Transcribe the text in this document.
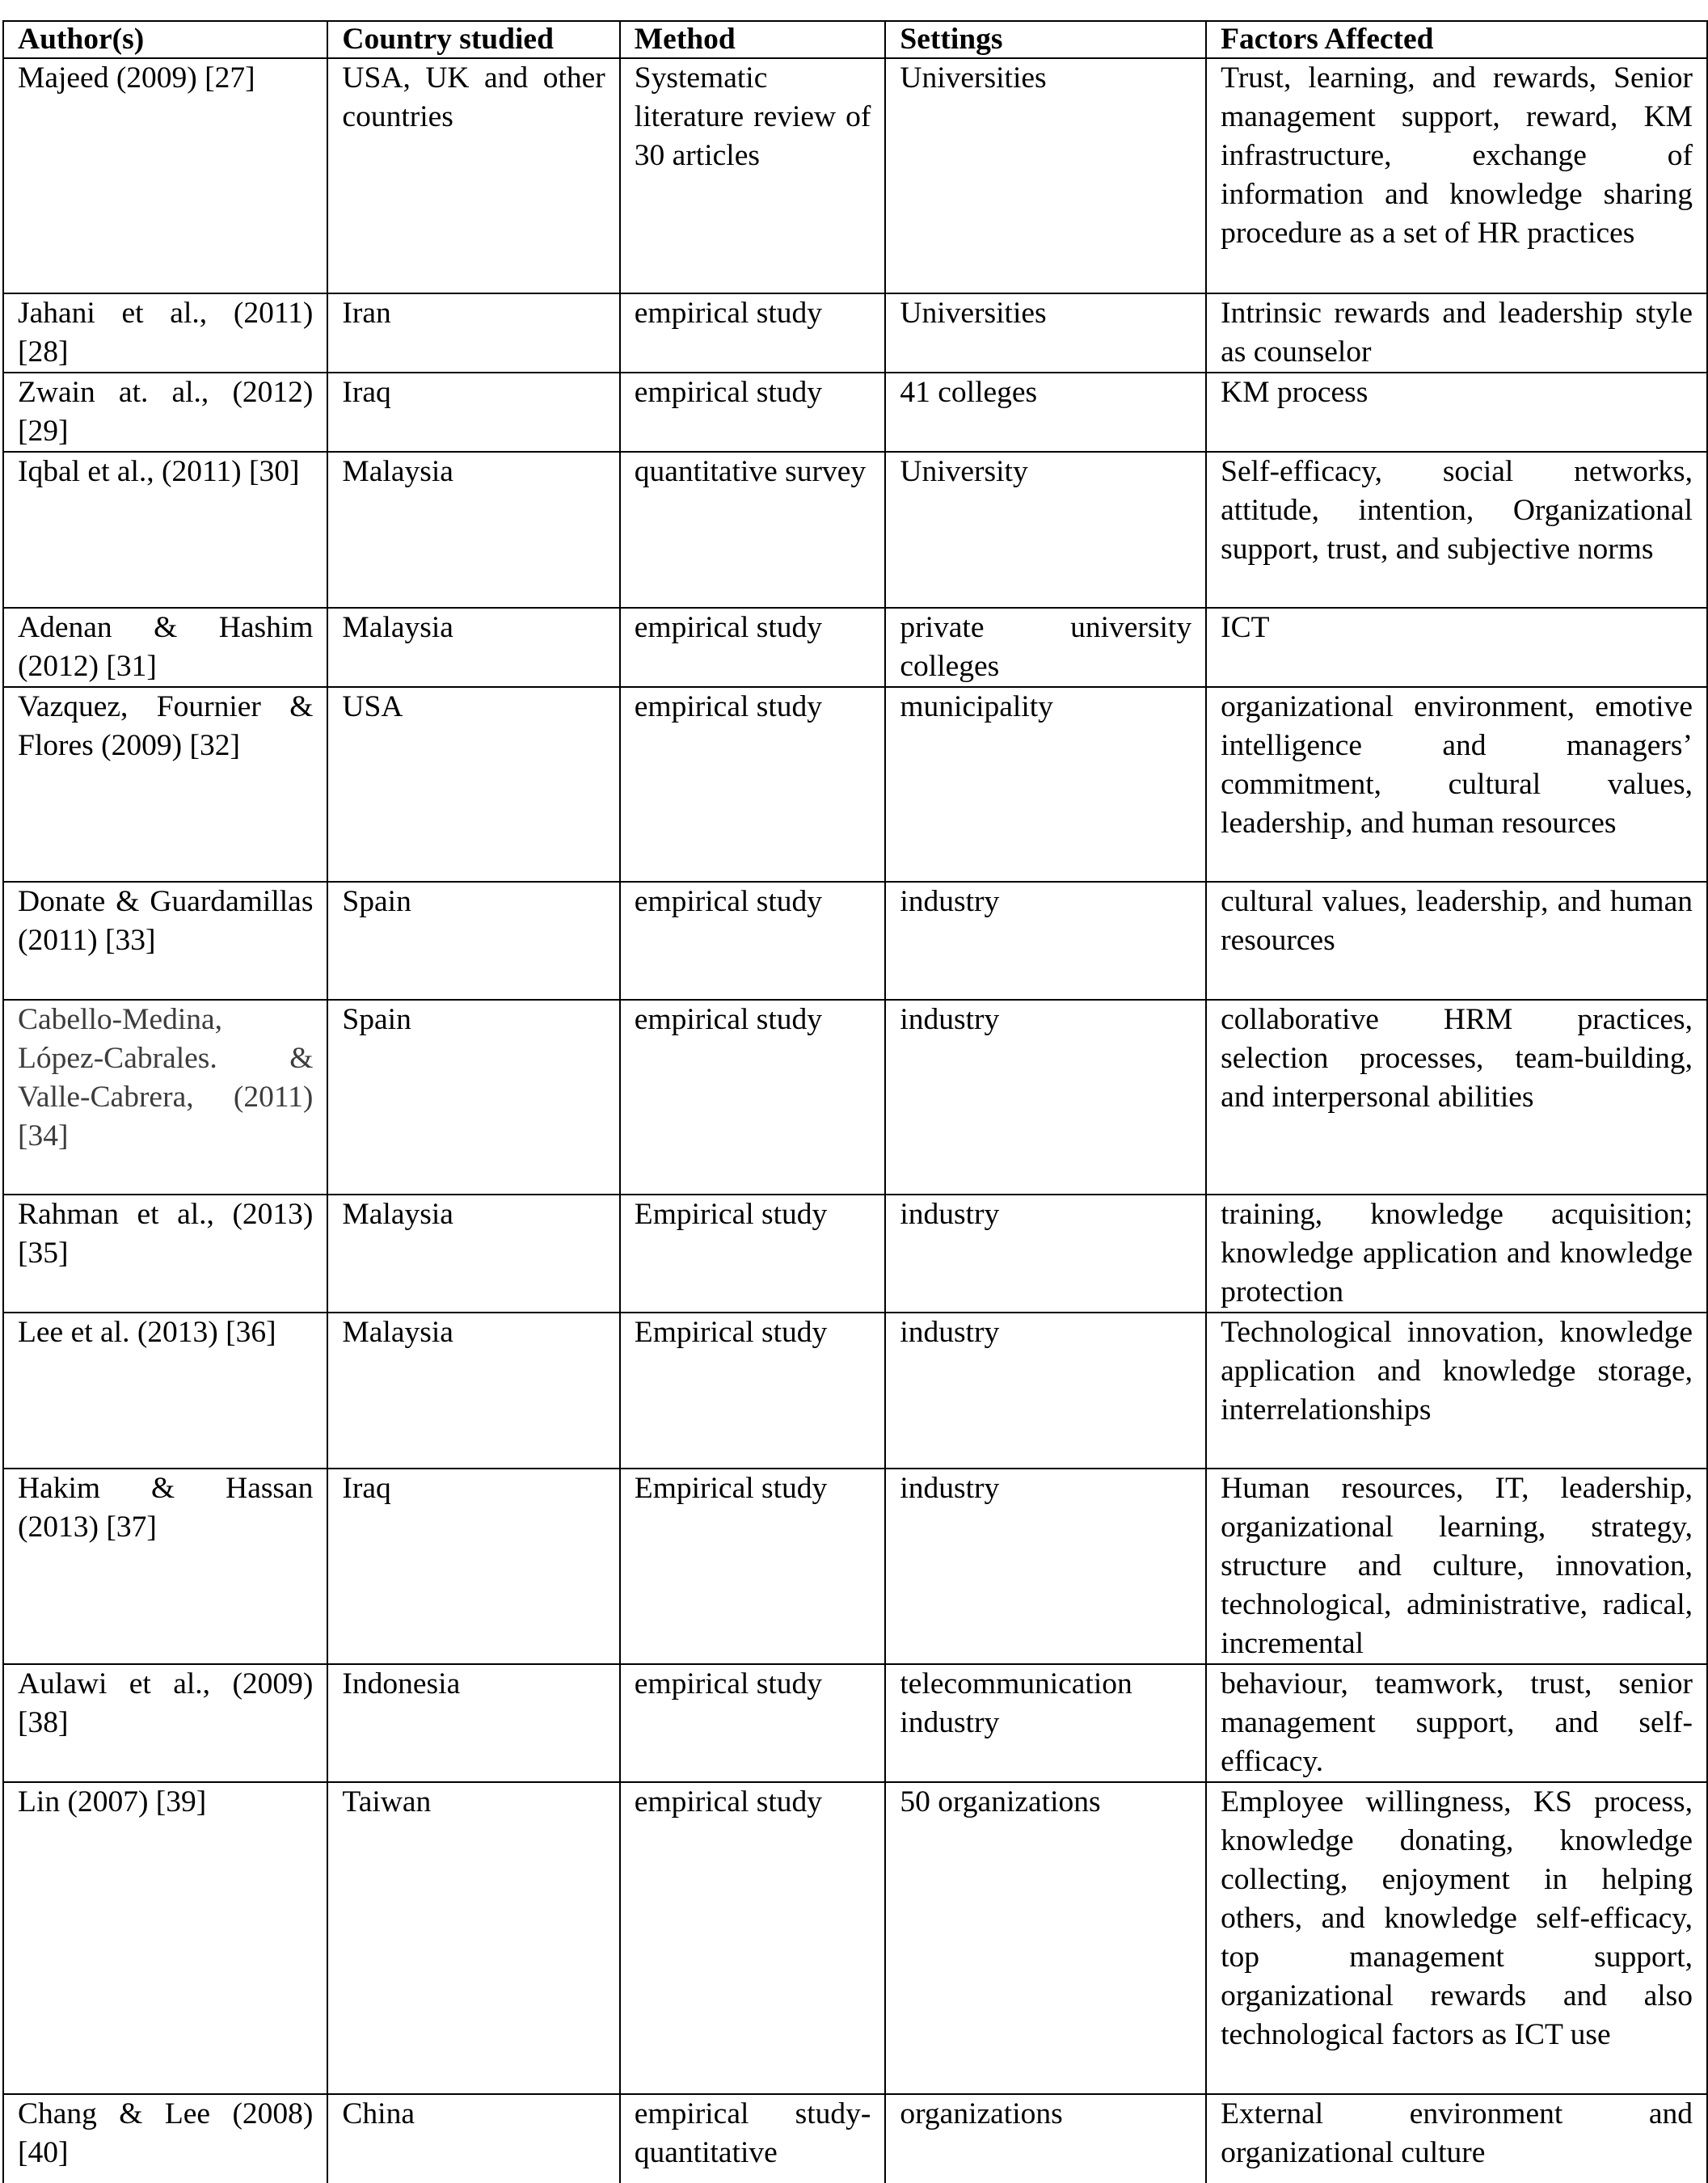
Author(s)	Country studied	Method	Settings	Factors Affected
Majeed (2009) [27]	USA, UK and other countries	Systematic literature review of 30 articles	Universities	Trust, learning, and rewards, Senior management support, reward, KM infrastructure, exchange of information and knowledge sharing procedure as a set of HR practices
Jahani et al., (2011) [28]	Iran	empirical study	Universities	Intrinsic rewards and leadership style as counselor
Zwain at. al., (2012) [29]	Iraq	empirical study	41 colleges	KM process
Iqbal et al., (2011) [30]	Malaysia	quantitative survey	University	Self-efficacy, social networks, attitude, intention, Organizational support, trust, and subjective norms
Adenan & Hashim (2012) [31]	Malaysia	empirical study	private university colleges	ICT
Vazquez, Fournier & Flores (2009) [32]	USA	empirical study	municipality	organizational environment, emotive intelligence and managers’ commitment, cultural values, leadership, and human resources
Donate & Guardamillas (2011) [33]	Spain	empirical study	industry	cultural values, leadership, and human resources
Cabello-Medina, López-Cabrales. & Valle-Cabrera, (2011) [34]	Spain	empirical study	industry	collaborative HRM practices, selection processes, team-building, and interpersonal abilities
Rahman et al., (2013) [35]	Malaysia	Empirical study	industry	training, knowledge acquisition; knowledge application and knowledge protection
Lee et al. (2013) [36]	Malaysia	Empirical study	industry	Technological innovation, knowledge application and knowledge storage, interrelationships
Hakim & Hassan (2013) [37]	Iraq	Empirical study	industry	Human resources, IT, leadership, organizational learning, strategy, structure and culture, innovation, technological, administrative, radical, incremental
Aulawi et al., (2009) [38]	Indonesia	empirical study	telecommunication industry	behaviour, teamwork, trust, senior management support, and self-efficacy.
Lin (2007) [39]	Taiwan	empirical study	50 organizations	Employee willingness, KS process, knowledge donating, knowledge collecting, enjoyment in helping others, and knowledge self-efficacy, top management support, organizational rewards and also technological factors as ICT use
Chang & Lee (2008) [40]	China	empirical study-quantitative	organizations	External environment and organizational culture
